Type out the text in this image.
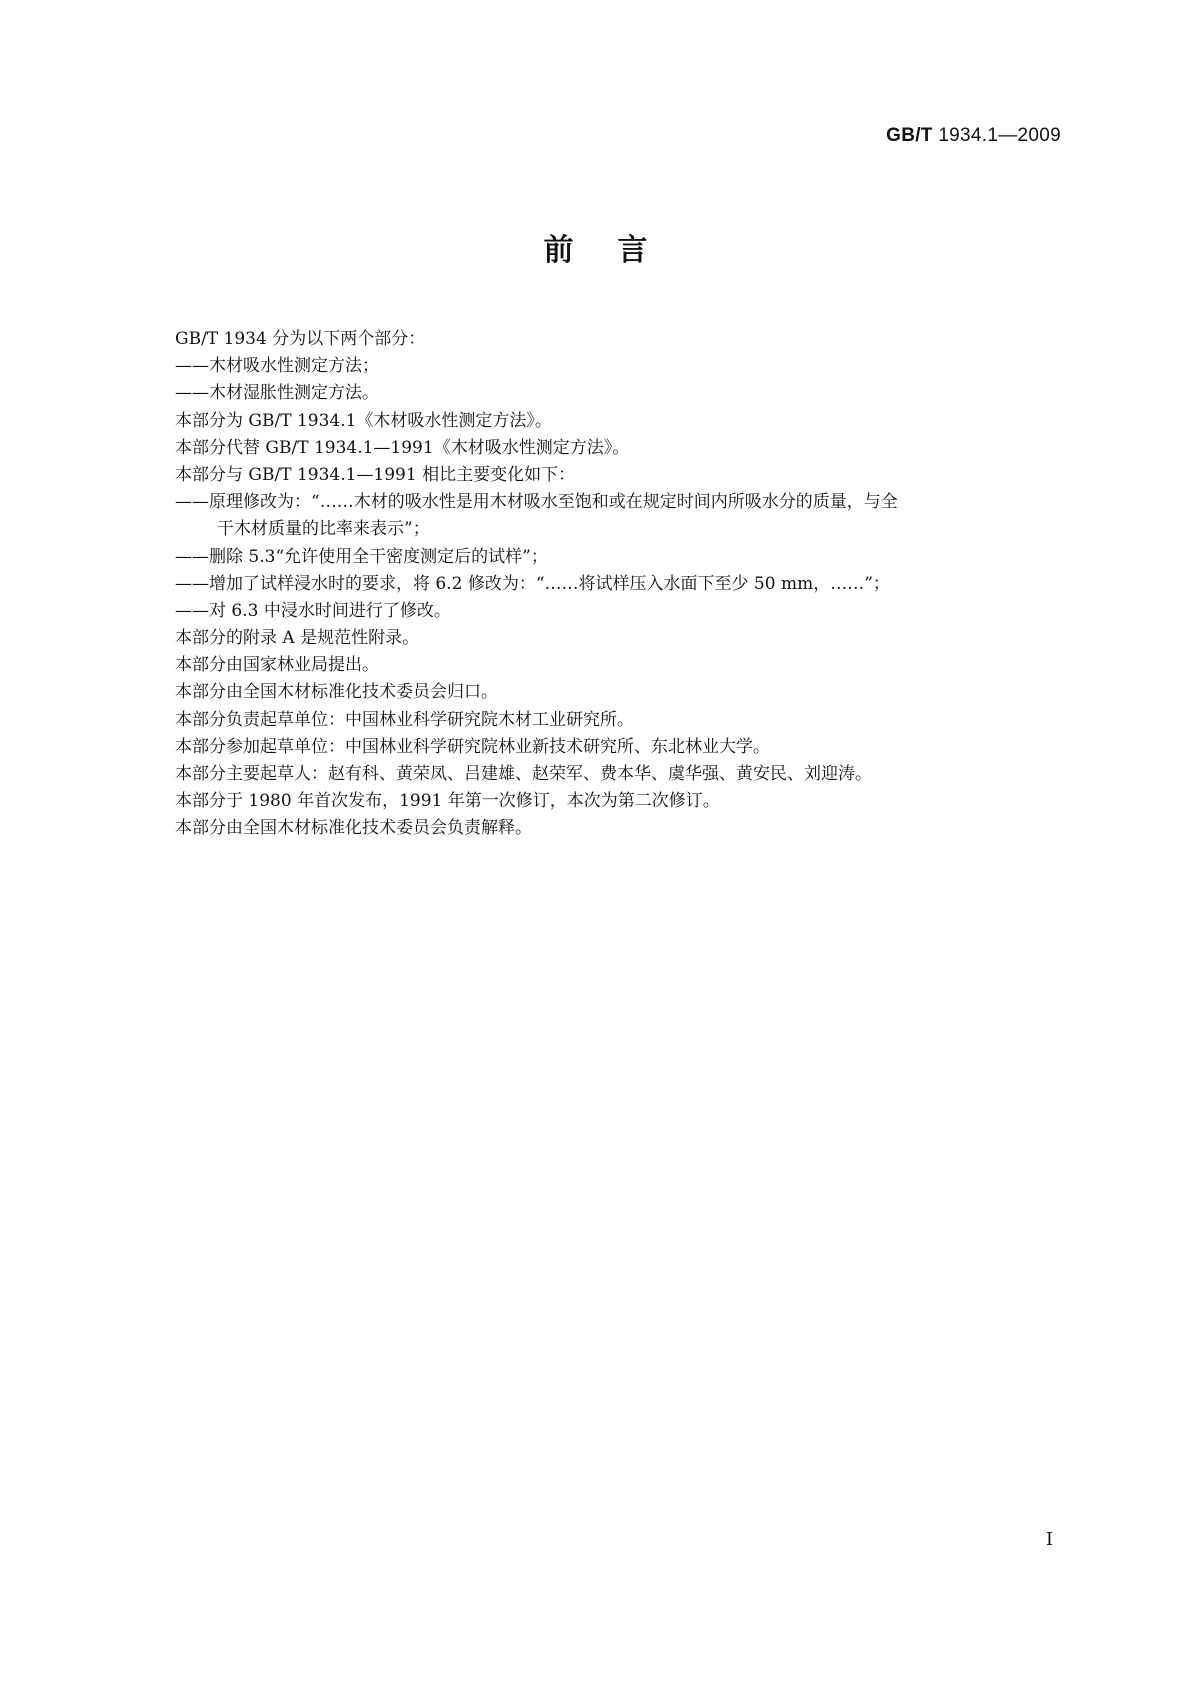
GB/T 1934.1—2009
前言
GB/T 1934 分为以下两个部分：
——木材吸水性测定方法；
——木材湿胀性测定方法。
本部分为 GB/T 1934.1《木材吸水性测定方法》。
本部分代替 GB/T 1934.1—1991《木材吸水性测定方法》。
本部分与 GB/T 1934.1—1991 相比主要变化如下：
——原理修改为：“……木材的吸水性是用木材吸水至饱和或在规定时间内所吸水分的质量，与全
干木材质量的比率来表示”；
——删除 5.3“允许使用全干密度测定后的试样”；
——增加了试样浸水时的要求，将 6.2 修改为：“……将试样压入水面下至少 50 mm，……”；
——对 6.3 中浸水时间进行了修改。
本部分的附录 A 是规范性附录。
本部分由国家林业局提出。
本部分由全国木材标准化技术委员会归口。
本部分负责起草单位：中国林业科学研究院木材工业研究所。
本部分参加起草单位：中国林业科学研究院林业新技术研究所、东北林业大学。
本部分主要起草人：赵有科、黄荣凤、吕建雄、赵荣军、费本华、虞华强、黄安民、刘迎涛。
本部分于 1980 年首次发布，1991 年第一次修订，本次为第二次修订。
本部分由全国木材标准化技术委员会负责解释。
I
